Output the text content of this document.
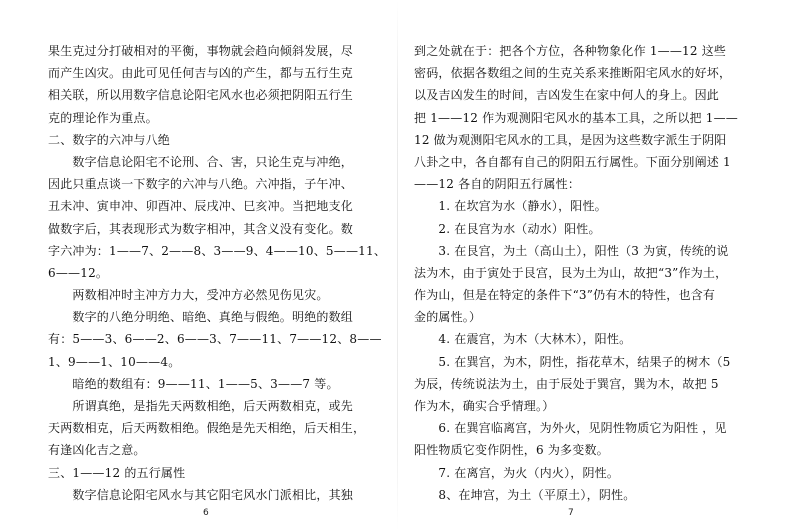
果生克过分打破相对的平衡，事物就会趋向倾斜发展，尽
而产生凶灾。由此可见任何吉与凶的产生，都与五行生克
相关联，所以用数字信息论阳宅风水也必须把阴阳五行生
克的理论作为重点。
二、数字的六冲与八绝
　　数字信息论阳宅不论刑、合、害，只论生克与冲绝，
因此只重点谈一下数字的六冲与八绝。六冲指，子午冲、
丑未冲、寅申冲、卯酉冲、辰戌冲、巳亥冲。当把地支化
做数字后，其表现形式为数字相冲，其含义没有变化。数
字六冲为：1——7、2——8、3——9、4——10、5——11、
6——12。
　　两数相冲时主冲方力大，受冲方必然见伤见灾。
　　数字的八绝分明绝、暗绝、真绝与假绝。明绝的数组
有：5——3、6——2、6——3、7——11、7——12、8——
1、9——1、10——4。
　　暗绝的数组有：9——11、1——5、3——7 等。
　　所谓真绝，是指先天两数相绝，后天两数相克，或先
天两数相克，后天两数相绝。假绝是先天相绝，后天相生，
有逢凶化吉之意。
三、1——12 的五行属性
　　数字信息论阳宅风水与其它阳宅风水门派相比，其独
到之处就在于：把各个方位，各种物象化作 1——12 这些
密码，依据各数组之间的生克关系来推断阳宅风水的好坏，
以及吉凶发生的时间，吉凶发生在家中何人的身上。因此
把 1——12 作为观测阳宅风水的基本工具，之所以把 1——
12 做为观测阳宅风水的工具，是因为这些数字派生于阴阳
八卦之中，各自都有自己的阴阳五行属性。下面分别阐述 1
——12 各自的阴阳五行属性：
　　1. 在坎宫为水（静水），阳性。
　　2. 在艮宫为水（动水）阳性。
　　3. 在艮宫，为土（高山土），阳性（3 为寅，传统的说
法为木，由于寅处于艮宫，艮为土为山，故把“3”作为土，
作为山，但是在特定的条件下“3”仍有木的特性，也含有
金的属性。）
　　4. 在震宫，为木（大林木），阳性。
　　5. 在巽宫，为木，阴性，指花草木，结果子的树木（5
为辰，传统说法为土，由于辰处于巽宫，巽为木，故把 5
作为木，确实合乎情理。）
　　6. 在巽宫临离宫，为外火，见阴性物质它为阳性 ，见
阳性物质它变作阴性，6 为多变数。
　　7. 在离宫，为火（内火），阴性。
　　8、在坤宫，为土（平原土），阴性。
6	7
